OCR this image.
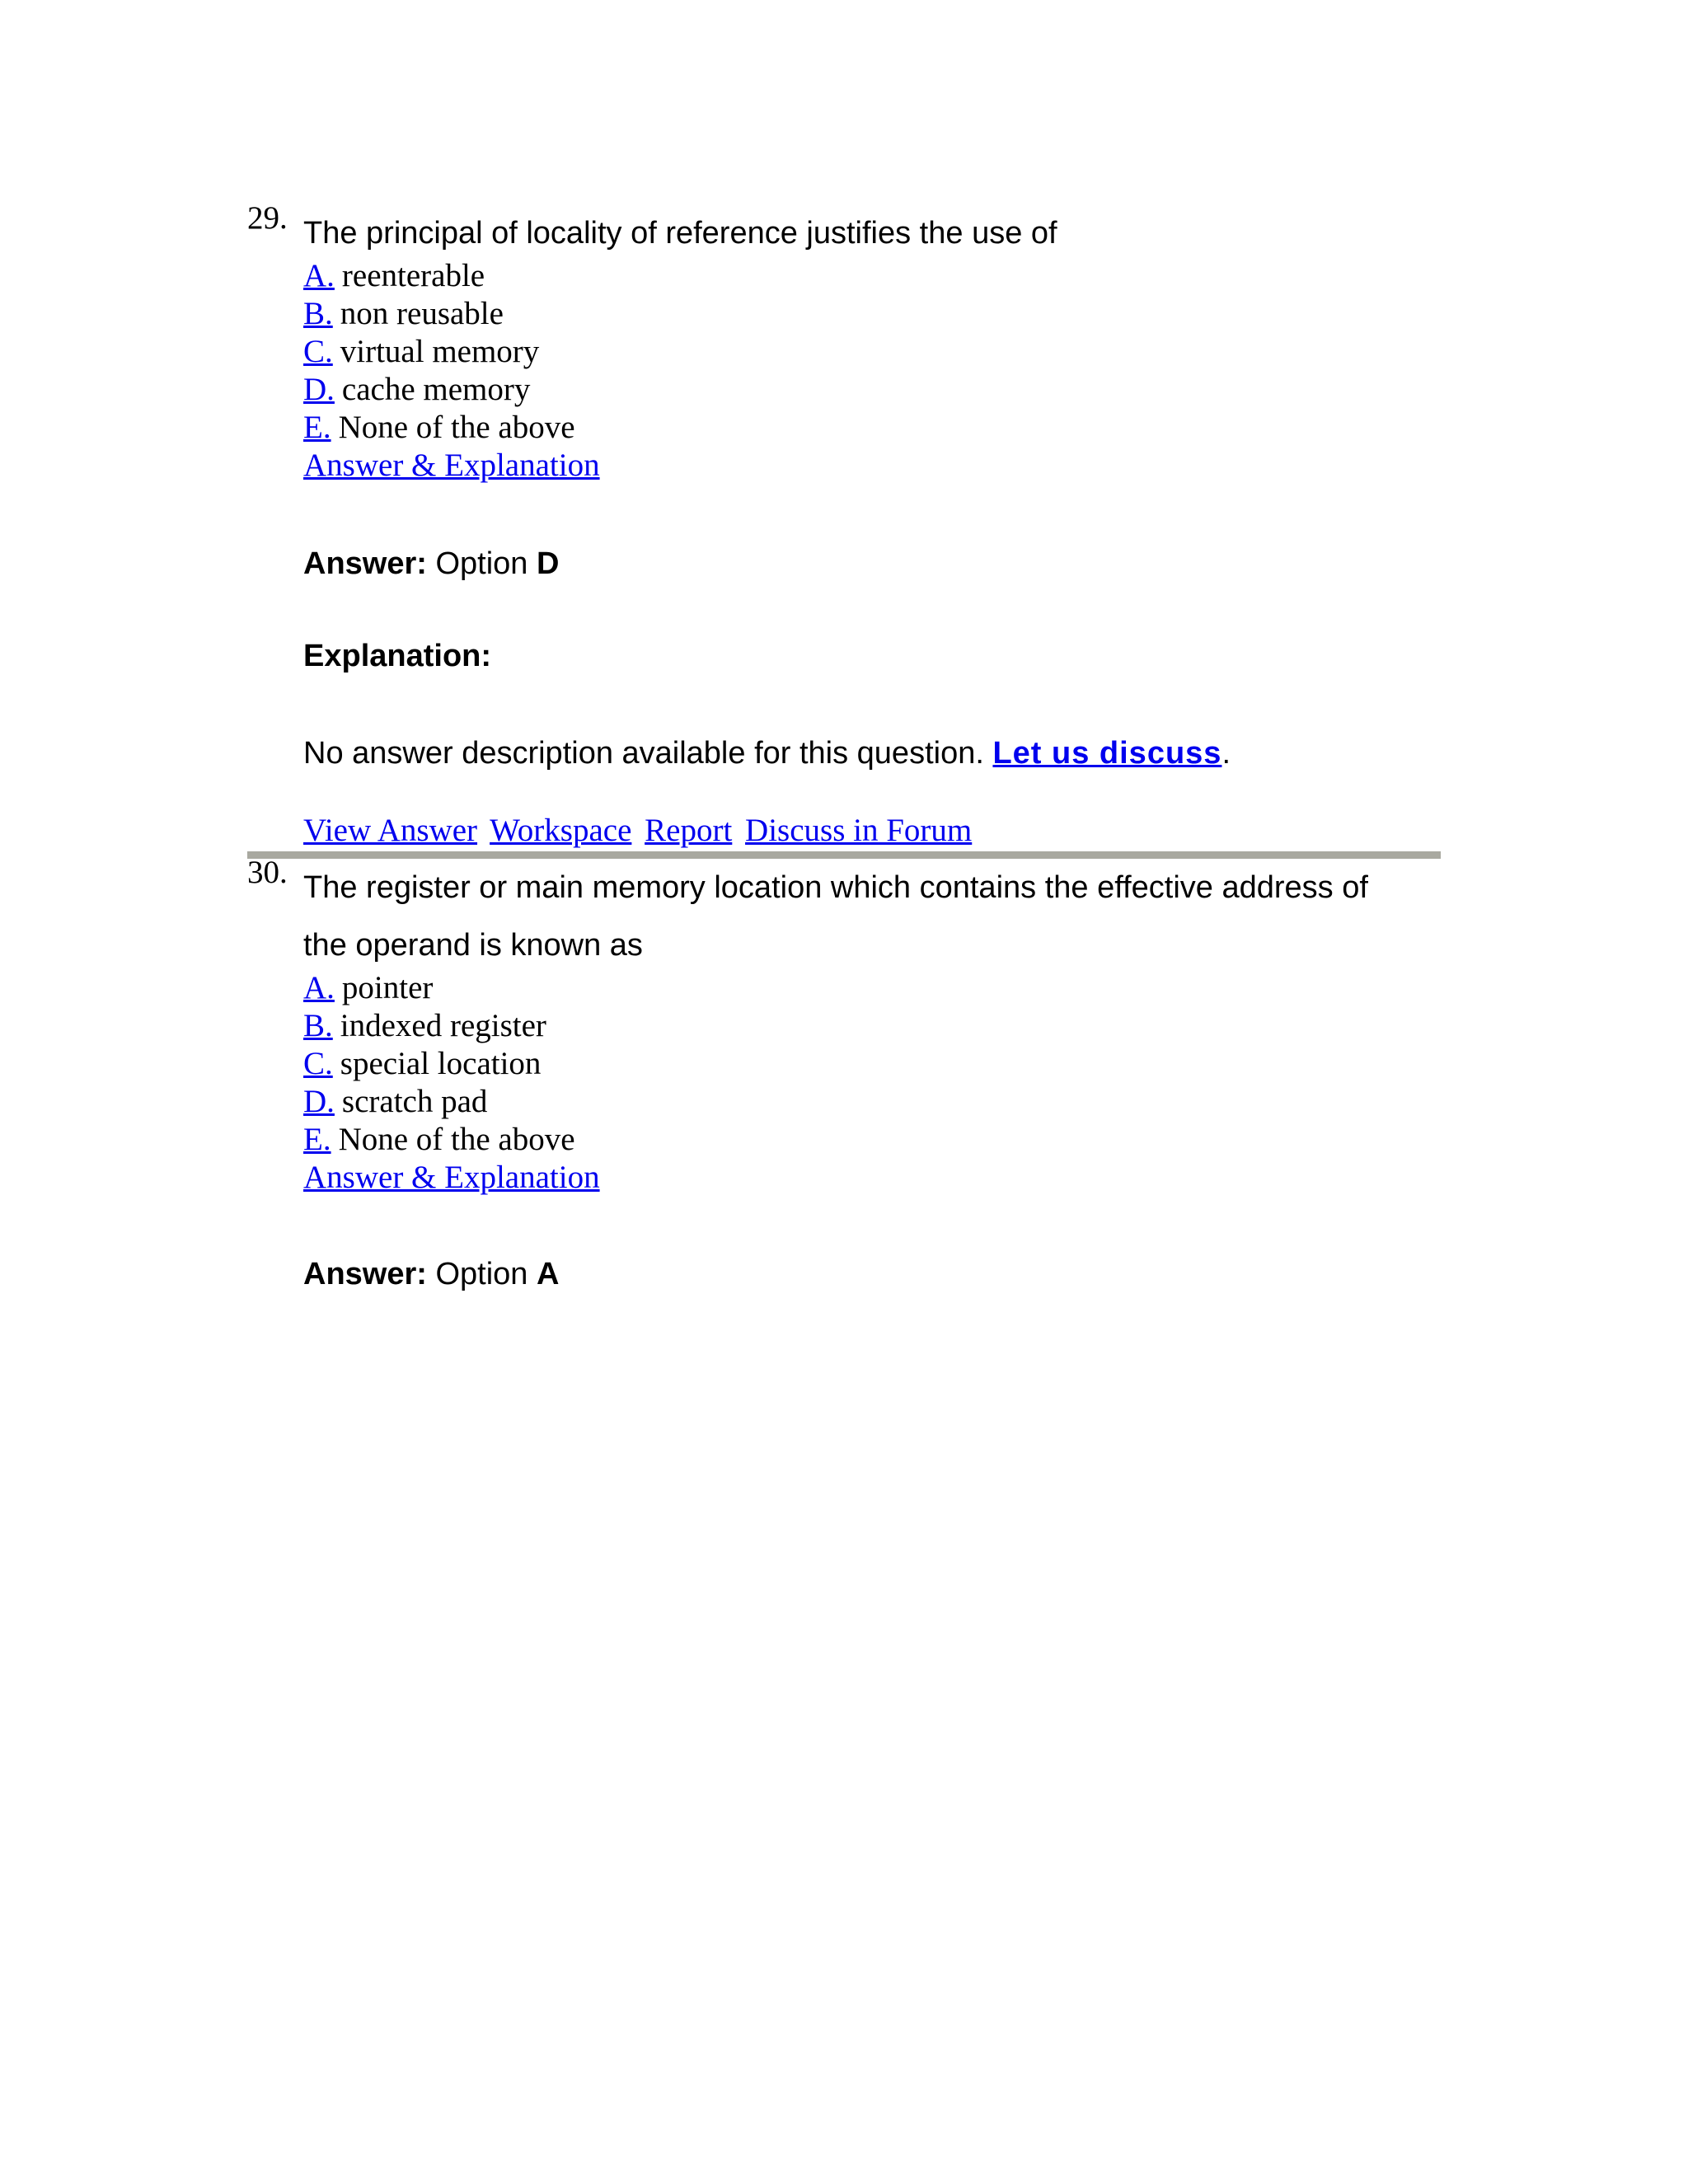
29. The principal of locality of reference justifies the use of
A. reenterable
B. non reusable
C. virtual memory
D. cache memory
E. None of the above
Answer & Explanation
Answer: Option D
Explanation:
No answer description available for this question. Let us discuss.
View Answer Workspace Report Discuss in Forum
30. The register or main memory location which contains the effective address of
the operand is known as
A. pointer
B. indexed register
C. special location
D. scratch pad
E. None of the above
Answer & Explanation
Answer: Option A
